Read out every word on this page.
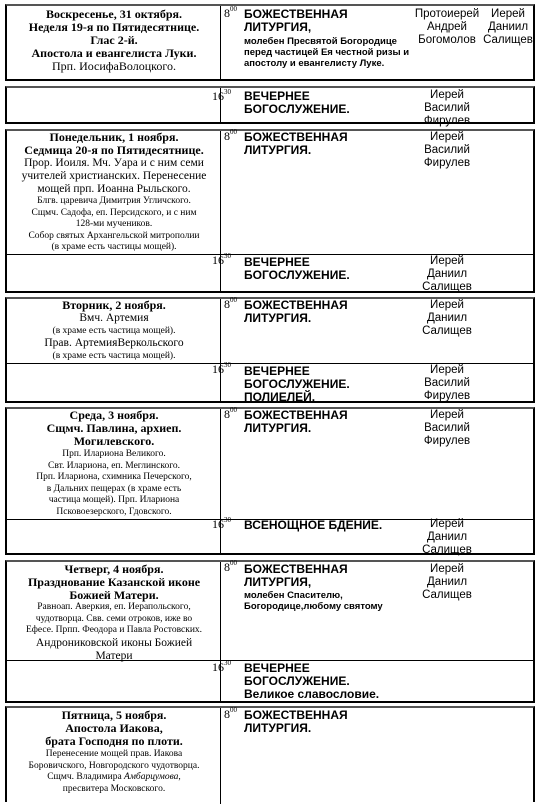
Воскресенье, 31 октября.
Неделя 19-я по Пятидесятнице.
Глас 2-й.
Апостола и евангелиста Луки.
Прп. ИосифаВолоцкого.
$8^{00}$ БОЖЕСТВЕННАЯ
ЛИТУРГИЯ,
молебен Пресвятой Богородице
перед частицей Ея честной ризы и
апостолу и евангелисту Луке.
Протоиерей
Андрей
Богомолов
Иерей
Даниил
Салищев
$16^{30}$ ВЕЧЕРНЕЕ
БОГОСЛУЖЕНИЕ.
Иерей
Василий
Фирулев
Понедельник, 1 ноября.
Седмица 20-я по Пятидесятнице.
Прор. Иоиля. Мч. Уара и с ним семи
учителей христианских. Перенесение
мощей прп. Иоанна Рыльского.
Блгв. царевича Димитрия Угличского.
Сщмч. Садофа, еп. Персидского, и с ним
128-ми мучеников.
Собор святых Архангельской митрополии
(в храме есть частицы мощей).
$8^{00}$ БОЖЕСТВЕННАЯ
ЛИТУРГИЯ.
Иерей
Василий
Фирулев
$16^{30}$ ВЕЧЕРНЕЕ
БОГОСЛУЖЕНИЕ.
Иерей
Даниил
Салищев
Вторник, 2 ноября.
Вмч. Артемия
(в храме есть частица мощей).
Прав. АртемияВеркольского
(в храме есть частица мощей).
$8^{00}$ БОЖЕСТВЕННАЯ
ЛИТУРГИЯ.
Иерей
Даниил
Салищев
$16^{30}$ ВЕЧЕРНЕЕ
БОГОСЛУЖЕНИЕ.
ПОЛИЕЛЕЙ.
Иерей
Василий
Фирулев
Среда, 3 ноября.
Сщмч. Павлина, архиеп.
Могилевского.
Прп. Илариона Великого.
Свт. Илариона, еп. Меглинского.
Прп. Илариона, схимника Печерского,
в Дальних пещерах (в храме есть
частица мощей). Прп. Илариона
Псковоезерского, Гдовского.
$8^{00}$ БОЖЕСТВЕННАЯ
ЛИТУРГИЯ.
Иерей
Василий
Фирулев
$16^{30}$ ВСЕНОЩНОЕ БДЕНИЕ.	Иерей
Даниил
Салищев
Четверг, 4 ноября.
Празднование Казанской иконе
Божией Матери.
Равноап. Аверкия, еп. Иерапольского,
чудотворца. Свв. семи отроков, иже во
Ефесе. Прпп. Феодора и Павла Ростовских.
Андрониковской иконы Божией
Матери
$8^{00}$ БОЖЕСТВЕННАЯ
ЛИТУРГИЯ,
молебен Спасителю,
Богородице,любому святому
Иерей
Даниил
Салищев
$16^{30}$ ВЕЧЕРНЕЕ
БОГОСЛУЖЕНИЕ.
Великое славословие.
Пятница, 5 ноября.
Апостола Иакова,
брата Господня по плоти.
Перенесение мощей прав. Иакова
Боровичского, Новгородского чудотворца.
Сщмч. Владимира Амбарцумова,
пресвитера Московского.
$8^{00}$ БОЖЕСТВЕННАЯ
ЛИТУРГИЯ.
